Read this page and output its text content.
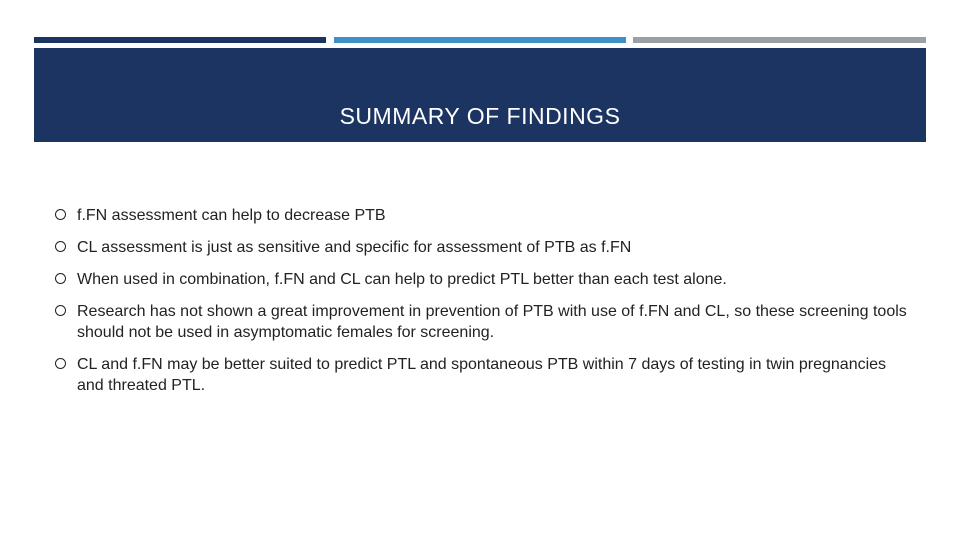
SUMMARY OF FINDINGS
f.FN assessment can help to decrease PTB
CL assessment is just as sensitive and specific for assessment of PTB as f.FN
When used in combination, f.FN and CL can help to predict PTL better than each test alone.
Research has not shown a great improvement in prevention of PTB with use of f.FN and CL, so these screening tools should not be used in asymptomatic females for screening.
CL and f.FN may be better suited to predict PTL and spontaneous PTB within 7 days of testing in twin pregnancies and threated PTL.
